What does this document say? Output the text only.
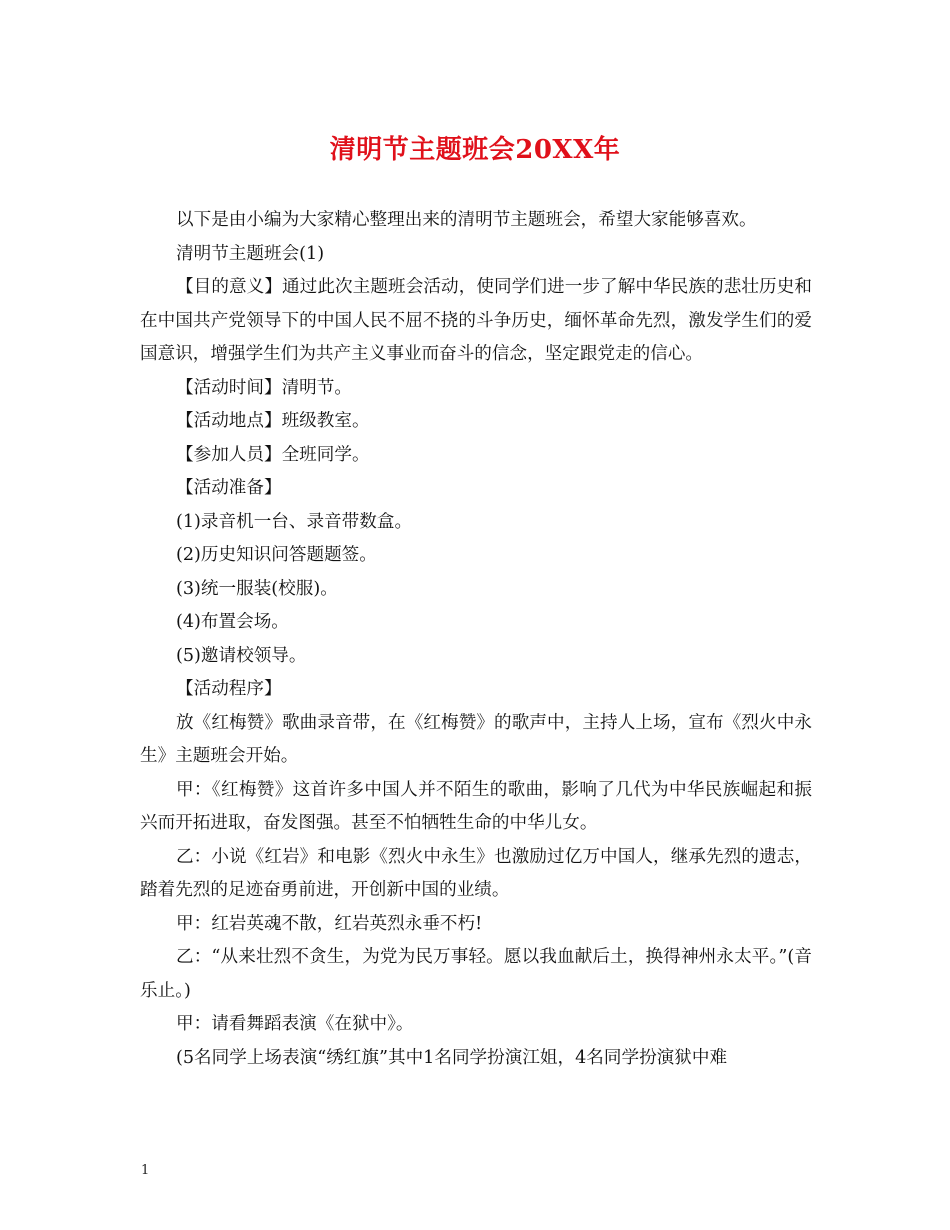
清明节主题班会20XX年

以下是由小编为大家精心整理出来的清明节主题班会，希望大家能够喜欢。

清明节主题班会(1)

【目的意义】通过此次主题班会活动，使同学们进一步了解中华民族的悲壮历史和在中国共产党领导下的中国人民不屈不挠的斗争历史，缅怀革命先烈，激发学生们的爱国意识，增强学生们为共产主义事业而奋斗的信念，坚定跟党走的信心。

【活动时间】清明节。

【活动地点】班级教室。

【参加人员】全班同学。

【活动准备】

(1)录音机一台、录音带数盒。

(2)历史知识问答题题签。

(3)统一服装(校服)。

(4)布置会场。

(5)邀请校领导。

【活动程序】

放《红梅赞》歌曲录音带，在《红梅赞》的歌声中，主持人上场，宣布《烈火中永生》主题班会开始。

甲：《红梅赞》这首许多中国人并不陌生的歌曲，影响了几代为中华民族崛起和振兴而开拓进取，奋发图强。甚至不怕牺牲生命的中华儿女。

乙：小说《红岩》和电影《烈火中永生》也激励过亿万中国人，继承先烈的遗志，踏着先烈的足迹奋勇前进，开创新中国的业绩。

甲：红岩英魂不散，红岩英烈永垂不朽!

乙：“从来壮烈不贪生，为党为民万事轻。愿以我血献后土，换得神州永太平。”(音乐止。)

甲：请看舞蹈表演《在狱中》。

(5名同学上场表演“绣红旗”其中1名同学扮演江姐，4名同学扮演狱中难

1
